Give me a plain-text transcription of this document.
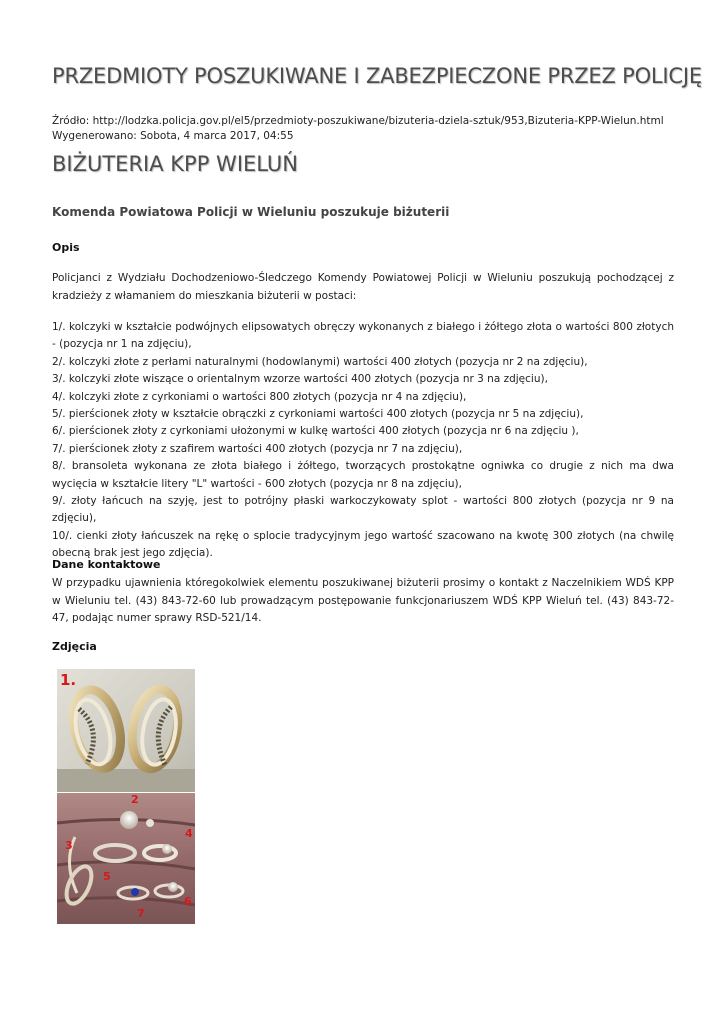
PRZEDMIOTY POSZUKIWANE I ZABEZPIECZONE PRZEZ POLICJĘ
Źródło: http://lodzka.policja.gov.pl/el5/przedmioty-poszukiwane/bizuteria-dziela-sztuk/953,Bizuteria-KPP-Wielun.html
Wygenerowano: Sobota, 4 marca 2017, 04:55
BIŻUTERIA KPP WIELUŃ
Komenda Powiatowa Policji w Wieluniu poszukuje biżuterii
Opis
Policjanci z Wydziału Dochodzeniowo-Śledczego Komendy Powiatowej Policji w Wieluniu poszukują pochodzącej z kradzieży z włamaniem do mieszkania biżuterii w postaci:
1/. kolczyki w kształcie podwójnych elipsowatych obręczy wykonanych z białego i żółtego złota o wartości 800 złotych - (pozycja nr 1 na zdjęciu),
2/. kolczyki złote z perłami naturalnymi (hodowlanymi) wartości 400 złotych (pozycja nr 2 na zdjęciu),
3/. kolczyki złote wiszące o orientalnym wzorze wartości 400 złotych (pozycja nr 3 na zdjęciu),
4/. kolczyki złote z cyrkoniami o wartości 800 złotych (pozycja nr 4 na zdjęciu),
5/. pierścionek złoty w kształcie obrączki z cyrkoniami wartości 400 złotych (pozycja nr 5 na zdjęciu),
6/. pierścionek złoty z cyrkoniami ułożonymi w kulkę wartości 400 złotych (pozycja nr 6 na zdjęciu ),
7/. pierścionek złoty z szafirem wartości 400 złotych (pozycja nr 7 na zdjęciu),
8/. bransoleta wykonana ze złota białego i żółtego, tworzących prostokątne ogniwka co drugie z nich ma dwa wycięcia w kształcie litery "L" wartości - 600 złotych (pozycja nr 8 na zdjęciu),
9/. złoty łańcuch na szyję, jest to potrójny płaski warkoczykowaty splot - wartości 800 złotych (pozycja nr 9 na zdjęciu),
10/. cienki złoty łańcuszek na rękę o splocie tradycyjnym jego wartość szacowano na kwotę 300 złotych (na chwilę obecną brak jest jego zdjęcia).
Dane kontaktowe
W przypadku ujawnienia któregokolwiek elementu poszukiwanej biżuterii prosimy o kontakt z Naczelnikiem WDŚ KPP w Wieluniu tel. (43) 843-72-60 lub prowadzącym postępowanie funkcjonariuszem WDŚ KPP Wieluń tel. (43) 843-72-47, podając numer sprawy RSD-521/14.
Zdjęcia
1.
2
3
4
5
7
6
